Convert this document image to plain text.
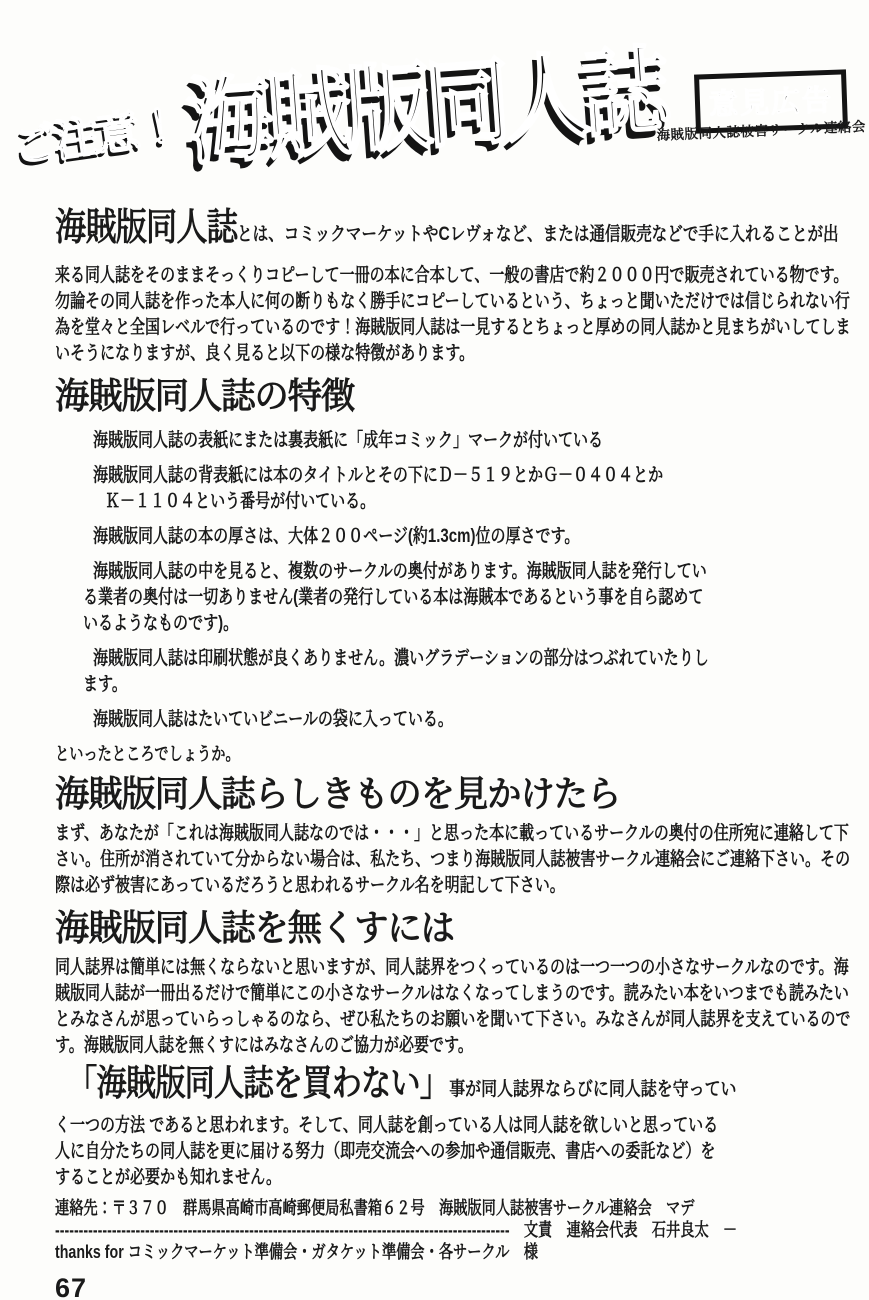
ご注意！ 海賊版同人誌	意見広告
海賊版同人誌被害サークル連絡会
海賊版同人誌とは、コミックマーケットやCレヴォなど、または通信販売などで手に入れることが出
来る同人誌をそのままそっくりコピーして一冊の本に合本して、一般の書店で約２０００円で販売されている物です。
勿論その同人誌を作った本人に何の断りもなく勝手にコピーしているという、ちょっと聞いただけでは信じられない行
為を堂々と全国レベルで行っているのです！海賊版同人誌は一見するとちょっと厚めの同人誌かと見まちがいしてしま
いそうになりますが、良く見ると以下の様な特徴があります。
海賊版同人誌の特徴
海賊版同人誌の表紙にまたは裏表紙に「成年コミック」マークが付いている
海賊版同人誌の背表紙には本のタイトルとその下にＤ－５１９とかＧ－０４０４とか
Ｋ－１１０４という番号が付いている。
海賊版同人誌の本の厚さは、大体２００ページ(約1.3cm)位の厚さです。
海賊版同人誌の中を見ると、複数のサークルの奥付があります。海賊版同人誌を発行してい
る業者の奥付は一切ありません(業者の発行している本は海賊本であるという事を自ら認めて
いるようなものです)。
海賊版同人誌は印刷状態が良くありません。濃いグラデーションの部分はつぶれていたりし
ます。
海賊版同人誌はたいていビニールの袋に入っている。
といったところでしょうか。
海賊版同人誌らしきものを見かけたら
まず、あなたが「これは海賊版同人誌なのでは・・・」と思った本に載っているサークルの奥付の住所宛に連絡して下
さい。住所が消されていて分からない場合は、私たち、つまり海賊版同人誌被害サークル連絡会にご連絡下さい。その
際は必ず被害にあっているだろうと思われるサークル名を明記して下さい。
海賊版同人誌を無くすには
同人誌界は簡単には無くならないと思いますが、同人誌界をつくっているのは一つ一つの小さなサークルなのです。海
賊版同人誌が一冊出るだけで簡単にこの小さなサークルはなくなってしまうのです。読みたい本をいつまでも読みたい
とみなさんが思っていらっしゃるのなら、ぜひ私たちのお願いを聞いて下さい。みなさんが同人誌界を支えているので
す。海賊版同人誌を無くすにはみなさんのご協力が必要です。
「海賊版同人誌を買わない」事が同人誌界ならびに同人誌を守ってい
く一つの方法 であると思われます。そして、同人誌を創っている人は同人誌を欲しいと思っている
人に自分たちの同人誌を更に届ける努力（即売交流会への参加や通信販売、書店への委託など）を
することが必要かも知れません。
連絡先：〒３７０　群馬県高崎市高崎郵便局私書箱６２号　海賊版同人誌被害サークル連絡会　マデ
------------------------------------------------------------------------------------------------ 文責　連絡会代表　石井良太　－
thanks for コミックマーケット準備会・ガタケット準備会・各サークル　様
67
